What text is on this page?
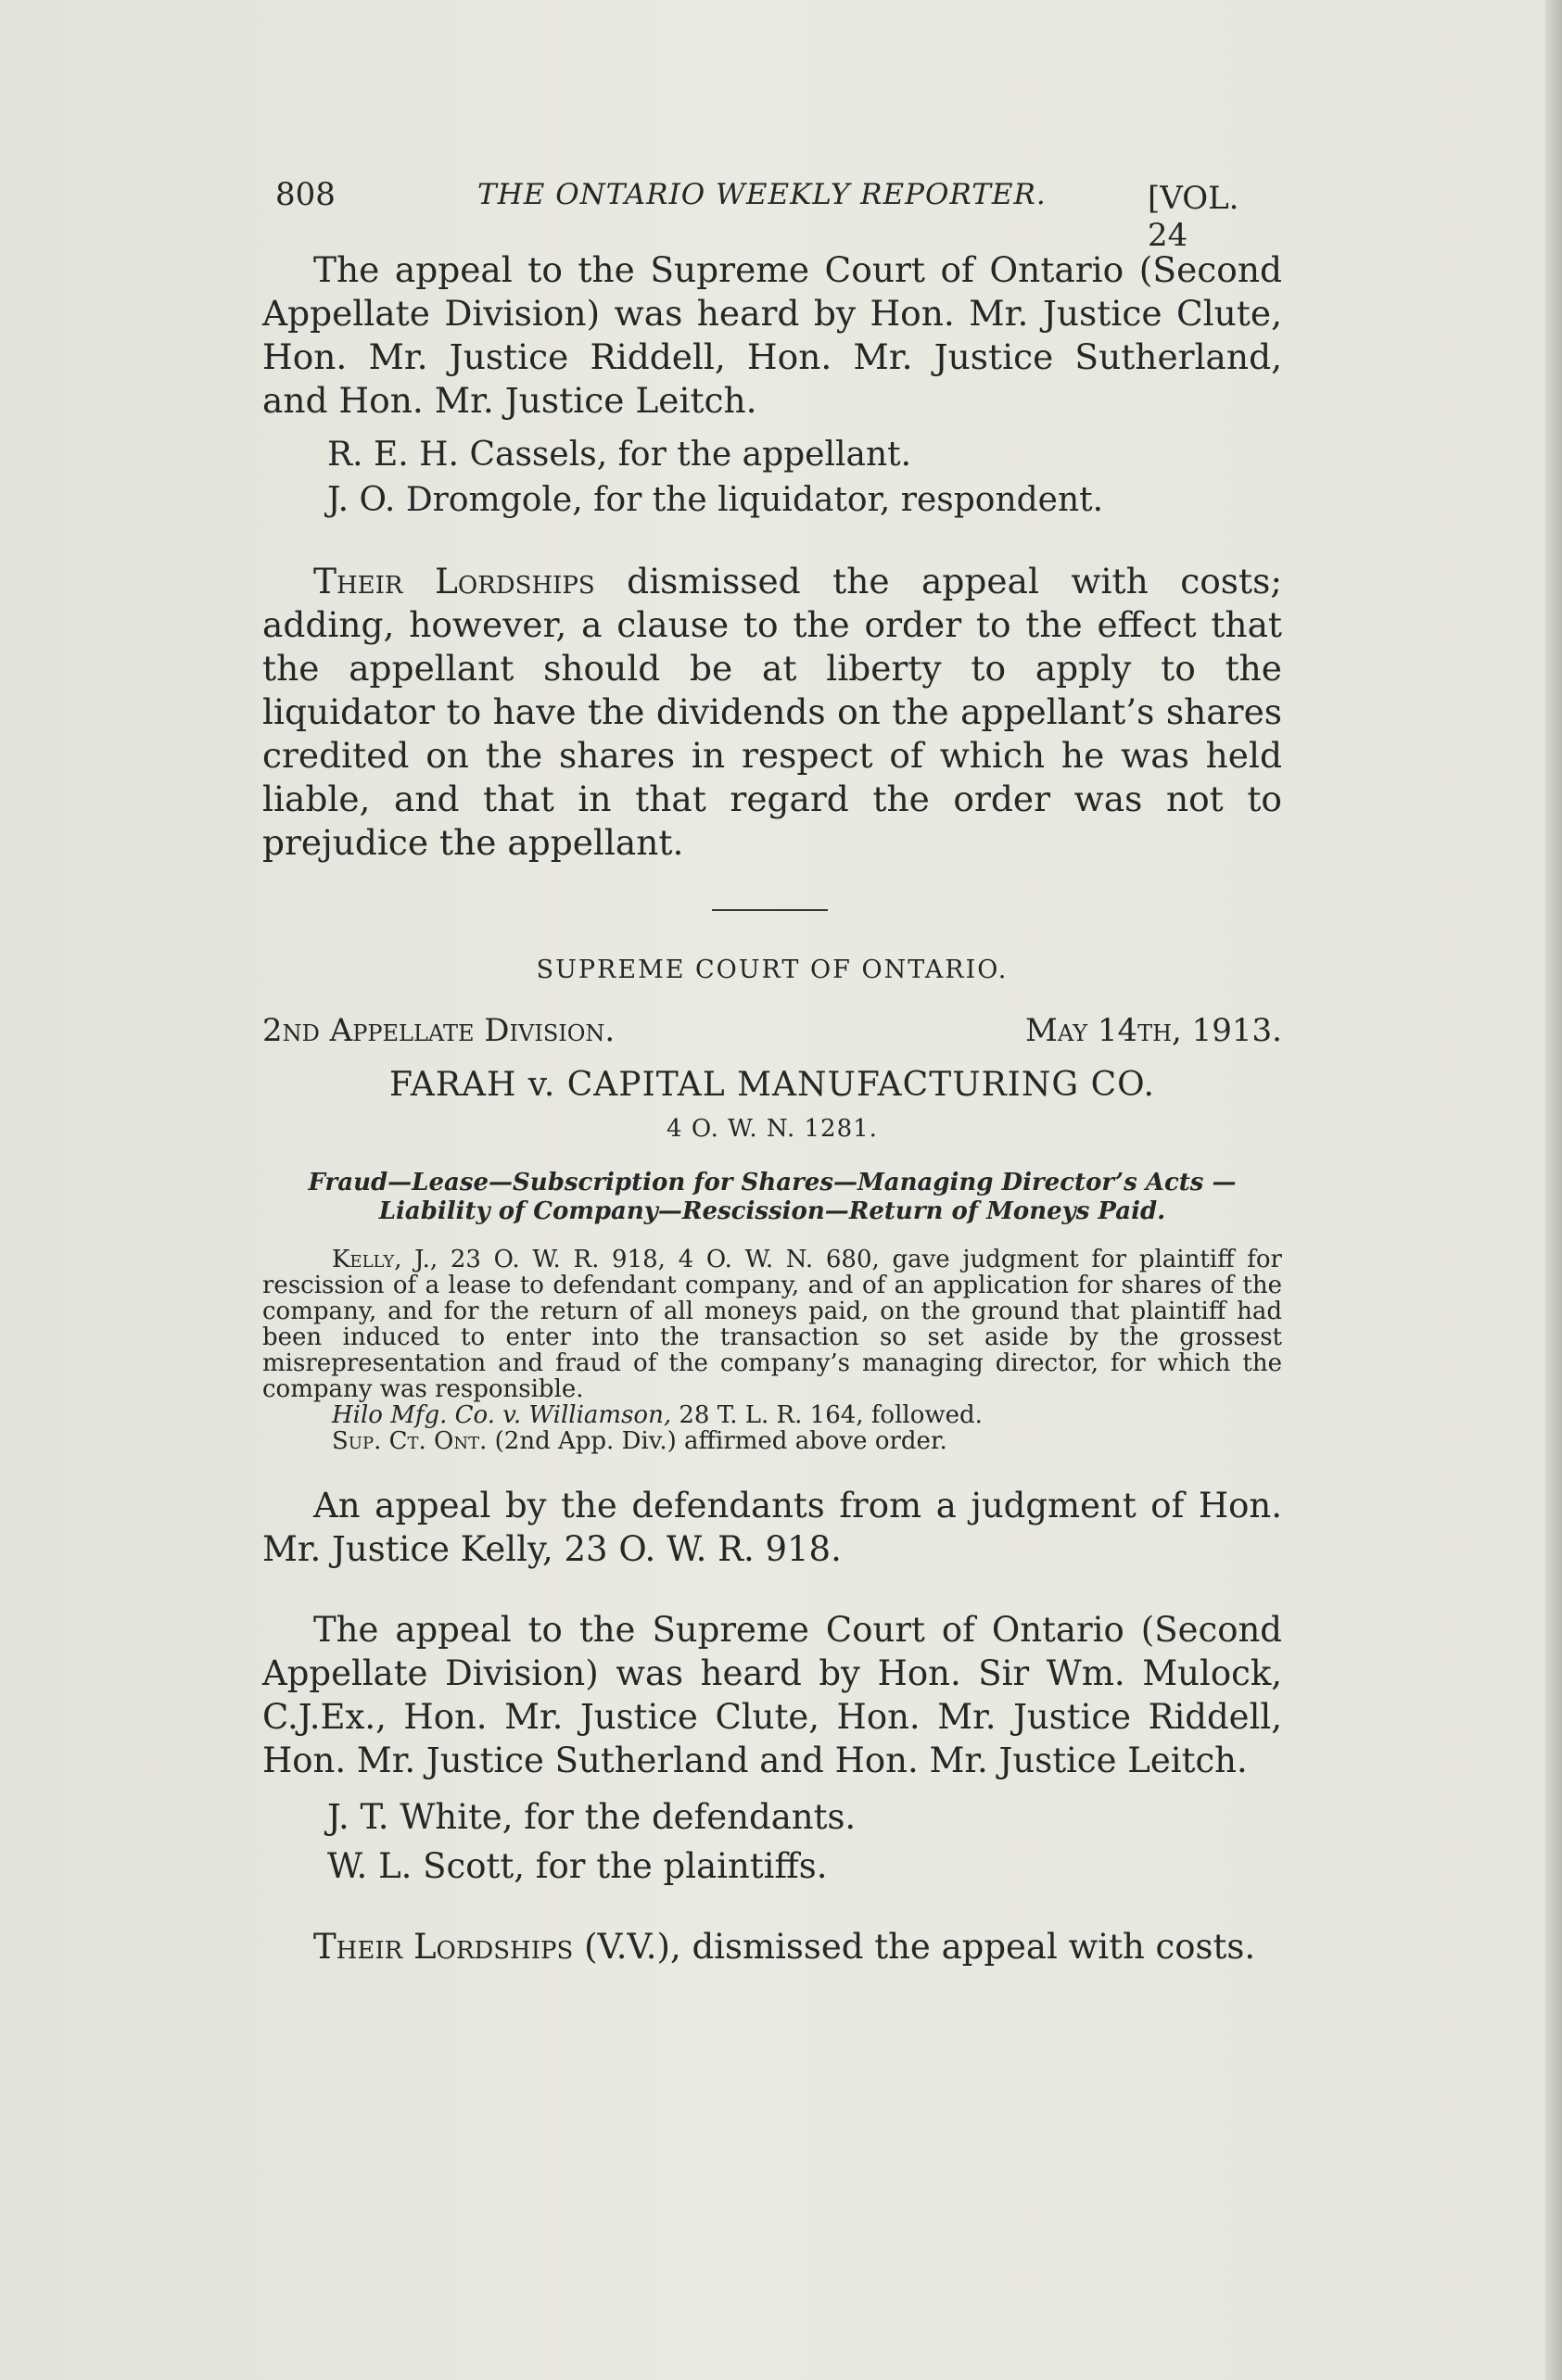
808	THE ONTARIO WEEKLY REPORTER.	[VOL. 24

The appeal to the Supreme Court of Ontario (Second Appellate Division) was heard by Hon. Mr. Justice Clute, Hon. Mr. Justice Riddell, Hon. Mr. Justice Sutherland, and Hon. Mr. Justice Leitch.

R. E. H. Cassels, for the appellant.
J. O. Dromgole, for the liquidator, respondent.

Their Lordships dismissed the appeal with costs; adding, however, a clause to the order to the effect that the appellant should be at liberty to apply to the liquidator to have the dividends on the appellant’s shares credited on the shares in respect of which he was held liable, and that in that regard the order was not to prejudice the appellant.

SUPREME COURT OF ONTARIO.
2nd Appellate Division.	May 14th, 1913.
FARAH v. CAPITAL MANUFACTURING CO.
4 O. W. N. 1281.
Fraud—Lease—Subscription for Shares—Managing Director’s Acts —Liability of Company—Rescission—Return of Moneys Paid.

Kelly, J., 23 O. W. R. 918, 4 O. W. N. 680, gave judgment for plaintiff for rescission of a lease to defendant company, and of an application for shares of the company, and for the return of all moneys paid, on the ground that plaintiff had been induced to enter into the transaction so set aside by the grossest misrepresentation and fraud of the company’s managing director, for which the company was responsible.

Hilo Mfg. Co. v. Williamson, 28 T. L. R. 164, followed.
Sup. Ct. Ont. (2nd App. Div.) affirmed above order.

An appeal by the defendants from a judgment of Hon. Mr. Justice Kelly, 23 O. W. R. 918.

The appeal to the Supreme Court of Ontario (Second Appellate Division) was heard by Hon. Sir Wm. Mulock, C.J.Ex., Hon. Mr. Justice Clute, Hon. Mr. Justice Riddell, Hon. Mr. Justice Sutherland and Hon. Mr. Justice Leitch.

J. T. White, for the defendants.
W. L. Scott, for the plaintiffs.

Their Lordships (V.V.), dismissed the appeal with costs.
